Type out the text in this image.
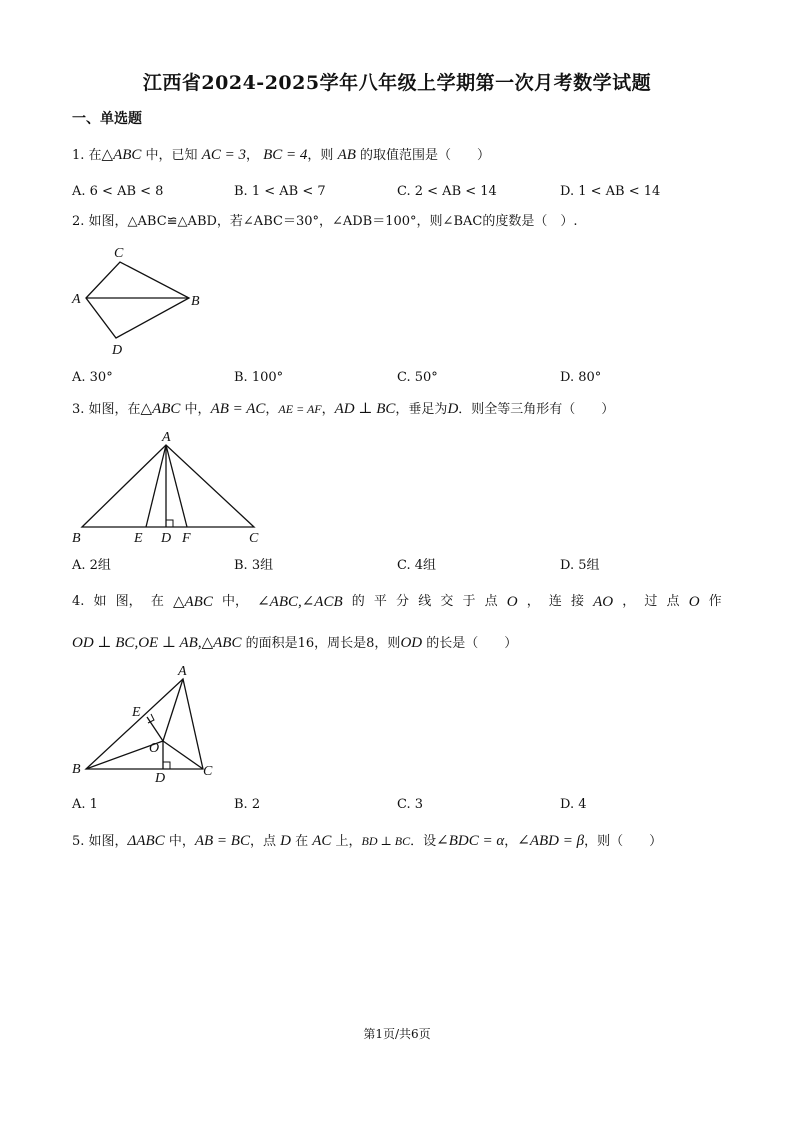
江西省2024-2025学年八年级上学期第一次月考数学试题
一、单选题
1. 在△ABC 中，已知 AC = 3， BC = 4，则 AB 的取值范围是（　　）
A. 6 < AB < 8	B. 1 < AB < 7	C. 2 < AB < 14	D. 1 < AB < 14
2. 如图，△ABC≌△ABD，若∠ABC＝30°，∠ADB＝100°，则∠BAC的度数是（　）.
C
A	B
D
A. 30°	B. 100°	C. 50°	D. 80°
3. 如图，在△ABC 中，AB = AC，AE = AF，AD ⊥ BC，垂足为D．则全等三角形有（　　）
A
B	E D F	C
A. 2组	B. 3组	C. 4组	D. 5组
4. 如 图， 在 △ABC 中， ∠ABC,∠ACB 的 平 分 线 交 于 点 O ， 连 接 AO ， 过 点 O 作
OD ⊥ BC,OE ⊥ AB,△ABC 的面积是16，周长是8，则OD 的长是（　　）
A
E
O
B
D	C
A. 1	B. 2	C. 3	D. 4
5. 如图，ΔABC 中，AB = BC，点 D 在 AC 上，BD ⊥ BC．设∠BDC = α，∠ABD = β，则（　　）
第1页/共6页
